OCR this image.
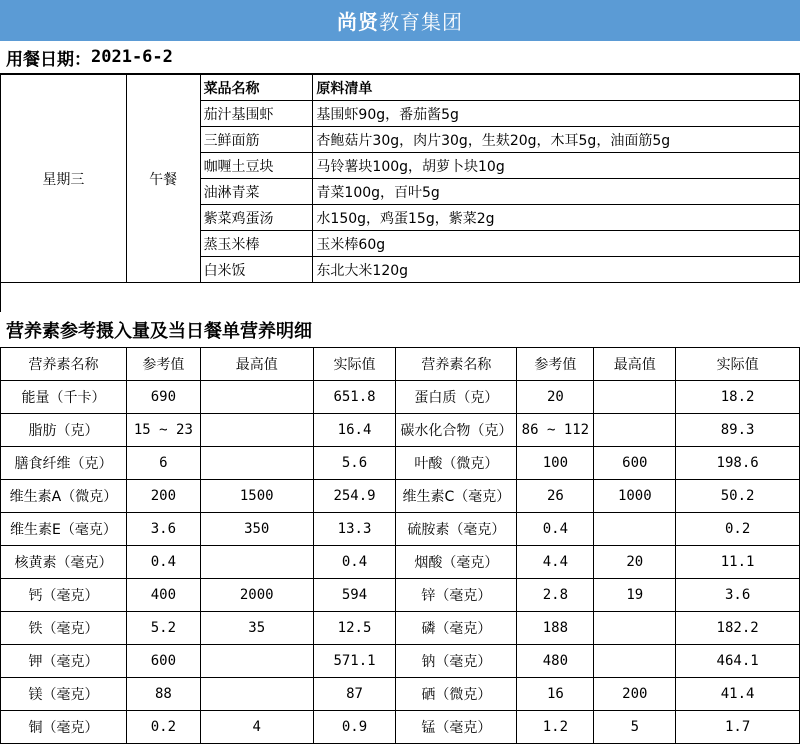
尚贤 教育集团
用餐日期： 2021-6-2
星期三	午餐	菜品名称	原料清单
		茄汁基围虾	基围虾90g，番茄酱5g
		三鲜面筋	杏鲍菇片30g，肉片30g，生麸20g，木耳5g，油面筋5g
		咖喱土豆块	马铃薯块100g，胡萝卜块10g
		油淋青菜	青菜100g，百叶5g
		紫菜鸡蛋汤	水150g，鸡蛋15g，紫菜2g
		蒸玉米棒	玉米棒60g
		白米饭	东北大米120g
营养素参考摄入量及当日餐单营养明细
营养素名称	参考值	最高值	实际值	营养素名称	参考值	最高值	实际值
能量（千卡）	690		651.8	蛋白质（克）	20		18.2
脂肪（克）	15 ~ 23		16.4	碳水化合物（克）	86 ~ 112		89.3
膳食纤维（克）	6		5.6	叶酸（微克）	100	600	198.6
维生素A（微克）	200	1500	254.9	维生素C（毫克）	26	1000	50.2
维生素E（毫克）	3.6	350	13.3	硫胺素（毫克）	0.4		0.2
核黄素（毫克）	0.4		0.4	烟酸（毫克）	4.4	20	11.1
钙（毫克）	400	2000	594	锌（毫克）	2.8	19	3.6
铁（毫克）	5.2	35	12.5	磷（毫克）	188		182.2
钾（毫克）	600		571.1	钠（毫克）	480		464.1
镁（毫克）	88		87	硒（微克）	16	200	41.4
铜（毫克）	0.2	4	0.9	锰（毫克）	1.2	5	1.7
